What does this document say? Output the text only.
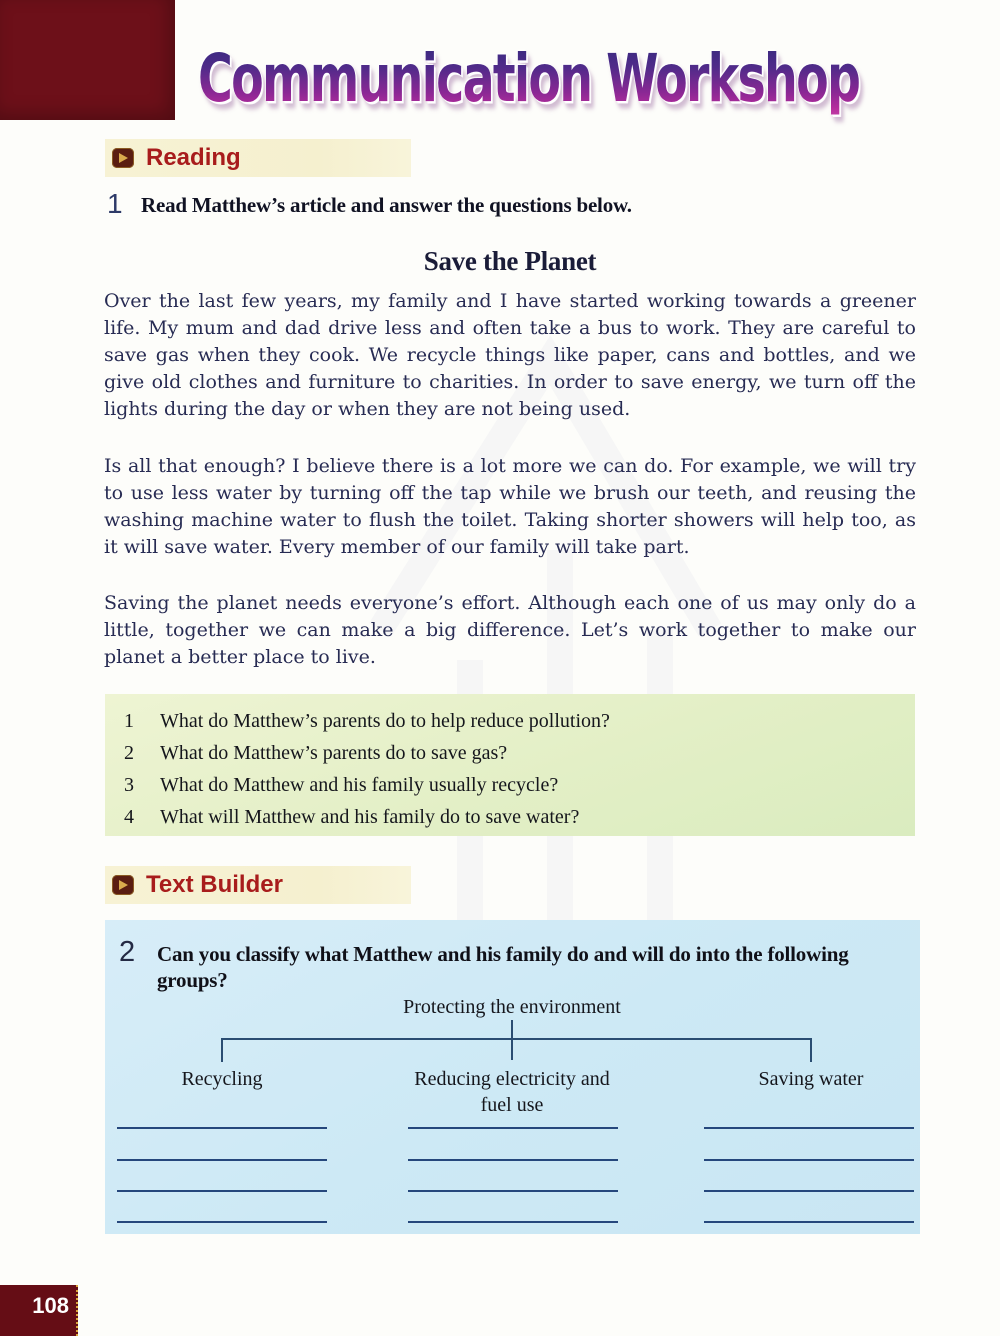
Communication Workshop
Reading
1 Read Matthew’s article and answer the questions below.
Save the Planet
Over the last few years, my family and I have started working towards a greener life. My mum and dad drive less and often take a bus to work. They are careful to save gas when they cook. We recycle things like paper, cans and bottles, and we give old clothes and furniture to charities. In order to save energy, we turn off the lights during the day or when they are not being used.
Is all that enough? I believe there is a lot more we can do. For example, we will try to use less water by turning off the tap while we brush our teeth, and reusing the washing machine water to flush the toilet. Taking shorter showers will help too, as it will save water. Every member of our family will take part.
Saving the planet needs everyone’s effort. Although each one of us may only do a little, together we can make a big difference. Let’s work together to make our planet a better place to live.
1 What do Matthew’s parents do to help reduce pollution?
2 What do Matthew’s parents do to save gas?
3 What do Matthew and his family usually recycle?
4 What will Matthew and his family do to save water?
Text Builder
2 Can you classify what Matthew and his family do and will do into the following groups?
Protecting the environment
Recycling	Reducing electricity and fuel use
Saving water
108
